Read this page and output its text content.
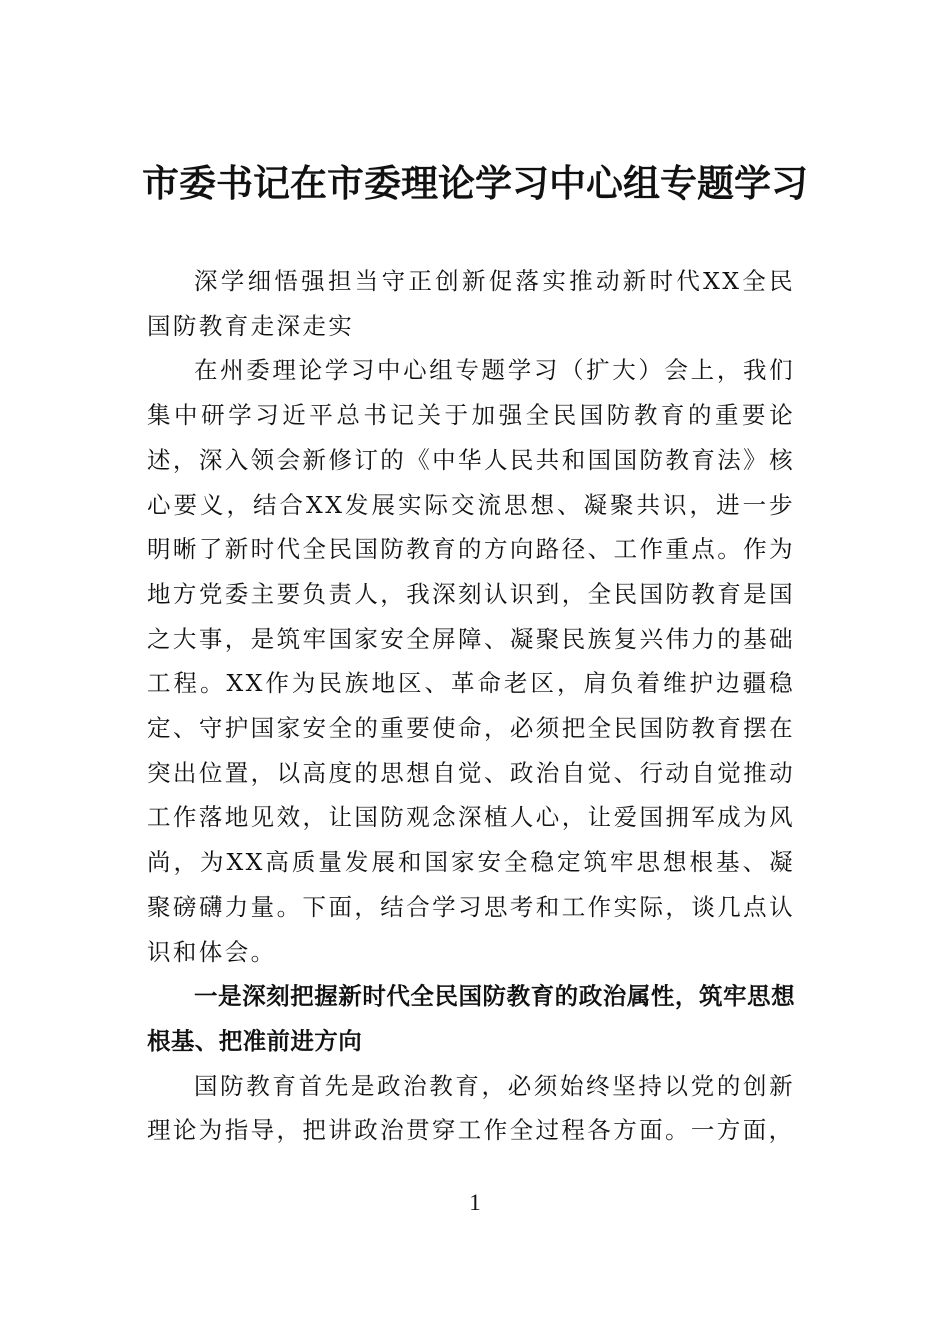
市委书记在市委理论学习中心组专题学习

深学细悟强担当守正创新促落实推动新时代XX全民国防教育走深走实

在州委理论学习中心组专题学习（扩大）会上，我们集中研学习近平总书记关于加强全民国防教育的重要论述，深入领会新修订的《中华人民共和国国防教育法》核心要义，结合XX发展实际交流思想、凝聚共识，进一步明晰了新时代全民国防教育的方向路径、工作重点。作为地方党委主要负责人，我深刻认识到，全民国防教育是国之大事，是筑牢国家安全屏障、凝聚民族复兴伟力的基础工程。XX作为民族地区、革命老区，肩负着维护边疆稳定、守护国家安全的重要使命，必须把全民国防教育摆在突出位置，以高度的思想自觉、政治自觉、行动自觉推动工作落地见效，让国防观念深植人心，让爱国拥军成为风尚，为XX高质量发展和国家安全稳定筑牢思想根基、凝聚磅礴力量。下面，结合学习思考和工作实际，谈几点认识和体会。

一是深刻把握新时代全民国防教育的政治属性，筑牢思想根基、把准前进方向

国防教育首先是政治教育，必须始终坚持以党的创新理论为指导，把讲政治贯穿工作全过程各方面。一方面，

1
